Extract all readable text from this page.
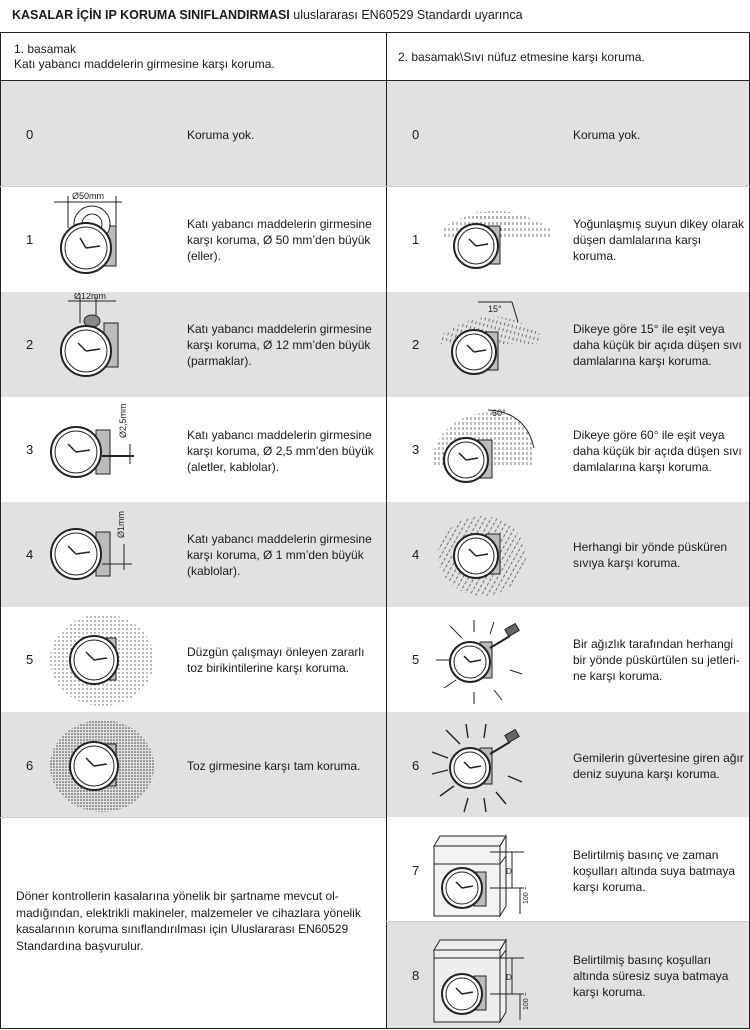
KASALAR İÇİN IP KORUMA SINIFLANDIRMASI uluslararası EN60529 Standardı uyarınca
1. basamak
Katı yabancı maddelerin girmesine karşı koruma.	2. basamak\Sıvı nüfuz etmesine karşı koruma.
0
1
2
3
4
5
6
Koruma yok.
Katı yabancı maddelerin girmesine karşı koruma, Ø 50 mm’den büyük (eller).
Katı yabancı maddelerin girmesine karşı koruma, Ø 12 mm’den büyük (parmaklar).
Katı yabancı maddelerin girmesine karşı koruma, Ø 2,5 mm’den büyük (aletler, kablolar).
Katı yabancı maddelerin girmesine karşı koruma, Ø 1 mm’den büyük (kablolar).
Düzgün çalışmayı önleyen zararlı toz birikintilerine karşı koruma.
Toz girmesine karşı tam koruma.
0
1
2
3
4
5
6
7
8
Koruma yok.
Yoğunlaşmış suyun dikey olarak düşen damlalarına karşı koruma.
Dikeye göre 15° ile eşit veya daha küçük bir açıda düşen sıvı damlalarına karşı koruma.
Dikeye göre 60° ile eşit veya daha küçük bir açıda düşen sıvı damlalarına karşı koruma.
Herhangi bir yönde püsküren sıvıya karşı koruma.
Bir ağızlık tarafından herhangi bir yönde püskürtülen su jetleri-ne karşı koruma.
Gemilerin güvertesine giren ağır deniz suyuna karşı koruma.
Belirtilmiş basınç ve zaman koşulları altında suya batmaya karşı koruma.
Belirtilmiş basınç koşulları altında süresiz suya batmaya karşı koruma.
Döner kontrollerin kasalarına yönelik bir şartname mevcut ol-madığından, elektrikli makineler, malzemeler ve cihazlara yönelik kasalarının koruma sınıflandırılması için Uluslararası EN60529 Standardına başvurulur.
Ø50mm
Ø12mm
Ø2,5mm
Ø1mm
15°
60°
D
100 ~
D
100 ~
